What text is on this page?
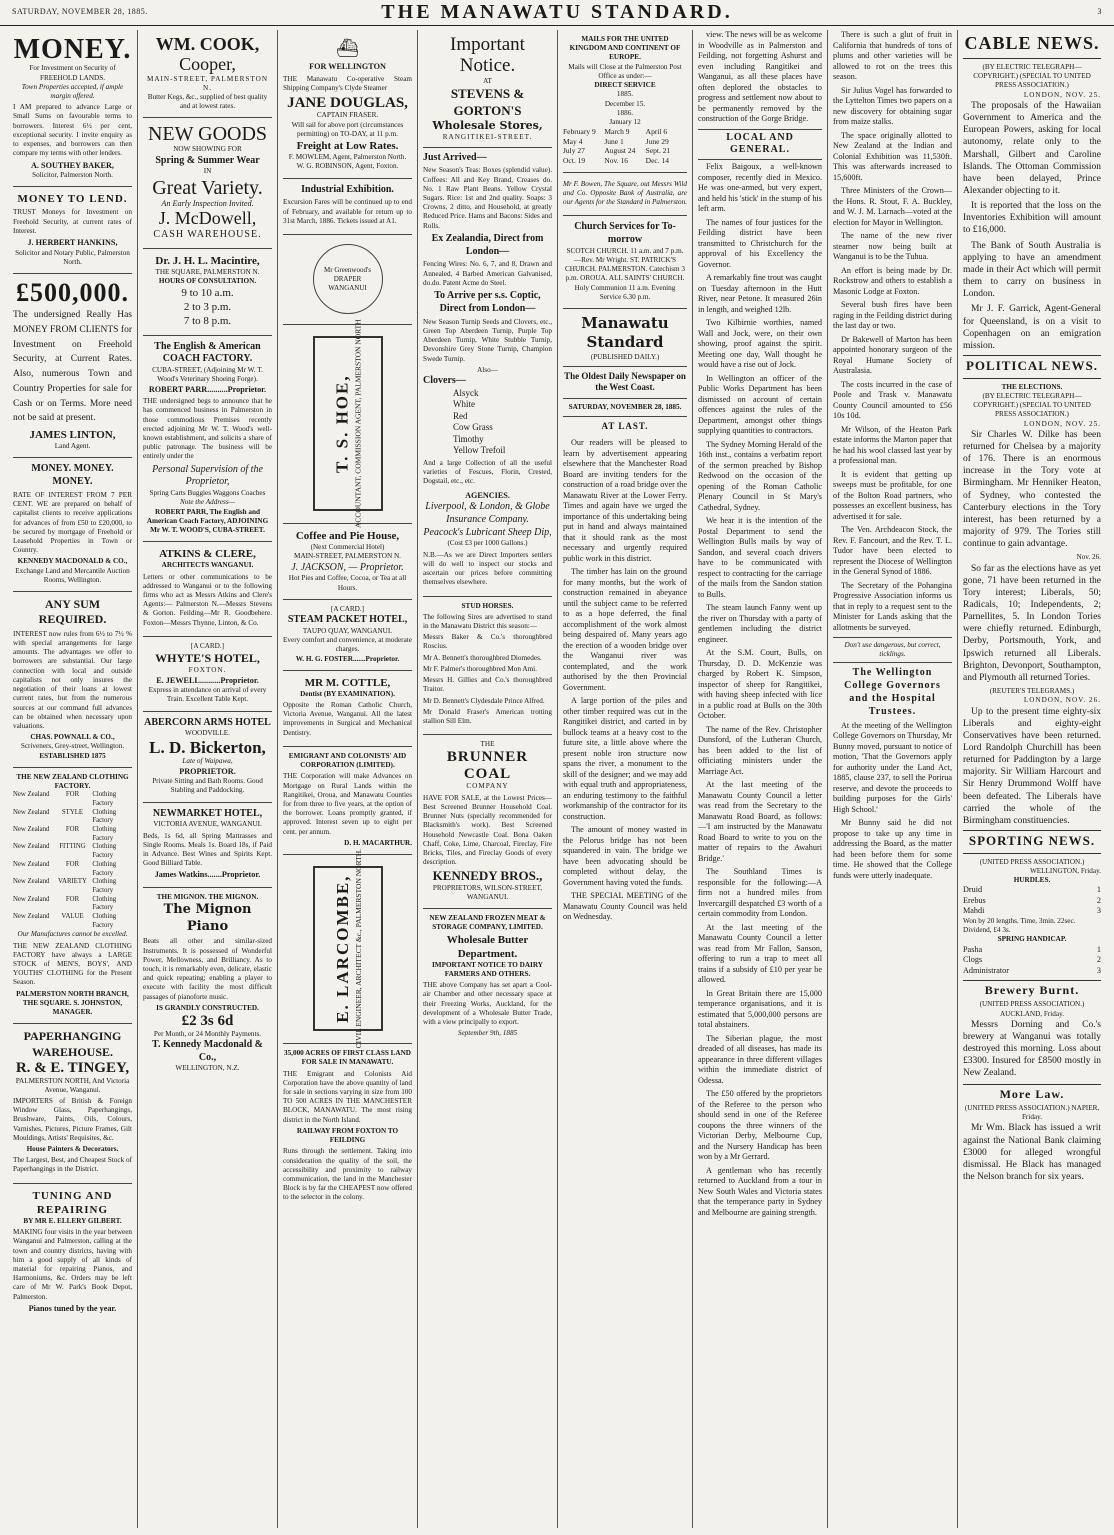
SATURDAY, NOVEMBER 28, 1885.	THE MANAWATU STANDARD.	3
MONEY.
For Investment on Security of FREEHOLD LANDS.
Town Properties accepted, if ample margin offered.
I AM prepared to advance Large or Small Sums on favourable terms to borrowers. Interest 6½ per cent, exceptional security. I invite enquiry as to expenses, and borrowers can then compare my terms with other lenders.
A. SOUTHEY BAKER,
Solicitor, Palmerston North.
MONEY TO LEND.
TRUST Moneys for Investment on Freehold Security, at current rates of Interest.
J. HERBERT HANKINS,
Solicitor and Notary Public, Palmerston North.
£500,000.
The undersigned Really Has MONEY FROM CLIENTS for Investment on Freehold Security, at Current Rates. Also, numerous Town and Country Properties for sale for Cash or on Terms. More need not be said at present.
JAMES LINTON,
Land Agent.
MONEY. MONEY. MONEY.
RATE OF INTEREST FROM 7 PER CENT. WE are prepared on behalf of capitalist clients to receive applications for advances of from £50 to £20,000, to be secured by mortgage of Freehold or Leasehold Properties in Town or Country.
KENNEDY MACDONALD & CO.,
Exchange Land and Mercantile Auction Rooms, Wellington.
ANY SUM REQUIRED.
INTEREST now rules from 6½ to 7½ % with special arrangements for large amounts. The advantages we offer to borrowers are substantial. Our large connection with local and outside capitalists not only insures the negotiation of their loans at lowest current rates, but from the numerous sources at our command full advances can be obtained when necessary upon valuations.
CHAS. POWNALL & CO.,
Scriveners, Grey-street, Wellington.
ESTABLISHED 1875
THE NEW ZEALAND CLOTHING FACTORY.
New Zealand	FOR	Clothing Factory
New Zealand	STYLE	Clothing Factory
New Zealand	FOR	Clothing Factory
New Zealand	FITTING Clothing Factory
New Zealand	FOR	Clothing Factory
New Zealand	VARIETY Clothing Factory
New Zealand	FOR	Clothing Factory
New Zealand	VALUE	Clothing Factory
Our Manufactures cannot be excelled.
THE NEW ZEALAND CLOTHING FACTORY have always a LARGE STOCK of MEN'S, BOYS', AND YOUTHS' CLOTHING for the Present Season.
PALMERSTON NORTH BRANCH, THE SQUARE. S. JOHNSTON, MANAGER.
PAPERHANGING WAREHOUSE.
R. & E. TINGEY,
PALMERSTON NORTH, And Victoria Avenue, Wanganui.
IMPORTERS of British & Foreign Window Glass, Paperhangings, Brushware, Paints, Oils, Colours, Varnishes, Pictures, Picture Frames, Gilt Mouldings, Artists' Requisites, &c.
House Painters & Decorators.
The Largest, Best, and Cheapest Stock of Paperhangings in the District.
TUNING AND REPAIRING
BY MR E. ELLERY GILBERT.
MAKING four visits in the year between Wanganui and Palmerston, calling at the town and country districts, having with him a good supply of all kinds of material for repairing Pianos, and Harmoniums, &c. Orders may be left care of Mr W. Park's Book Depot, Palmerston.
Pianos tuned by the year.
WM. COOK,
Cooper,
MAIN-STREET, PALMERSTON N.
Butter Kegs, &c., supplied of best quality and at lowest rates.
NEW GOODS
NOW SHOWING FOR
Spring & Summer Wear
IN
Great Variety.
An Early Inspection Invited.
J. McDowell,
CASH WAREHOUSE.
Dr. J. H. L. Macintire,
THE SQUARE, PALMERSTON N.
HOURS OF CONSULTATION.
9 to 10 a.m.
2 to 3 p.m.
7 to 8 p.m.
The English & American COACH FACTORY.
CUBA-STREET, (Adjoining Mr W. T. Wood's Veterinary Shoeing Forge).
ROBERT PARR..........Proprietor.
THE undersigned begs to announce that he has commenced business in Palmerston in those commodious Premises recently erected adjoining Mr W. T. Wood's well-known establishment, and solicits a share of public patronage. The business will be entirely under the
Personal Supervision of the Proprietor,
Spring Carts Buggies Waggons Coaches
Note the Address—
ROBERT PARR, The English and American Coach Factory, ADJOINING Mr W. T. WOOD'S, CUBA-STREET.
ATKINS & CLERE,
ARCHITECTS WANGANUI.
Letters or other communications to be addressed to Wanganui or to the following firms who act as Messrs Atkins and Clere's Agents:— Palmerston N.—Messrs Stevens & Gorton. Feilding—Mr R. Goodbehere. Foxton—Messrs Thynne, Linton, & Co.
[A CARD.]
WHYTE'S HOTEL,
FOXTON.
E. JEWELL..........Proprietor.
Express in attendance on arrival of every Train. Excellent Table Kept.
ABERCORN ARMS HOTEL
WOODVILLE.
L. D. Bickerton,
Late of Waipawa,
PROPRIETOR.
Private Sitting and Bath Rooms. Good Stabling and Paddocking.
NEWMARKET HOTEL,
VICTORIA AVENUE, WANGANUI.
Beds, 1s 6d, all Spring Mattrasses and Single Rooms. Meals 1s. Board 18s, if Paid in Advance. Best Wines and Spirits Kept. Good Billiard Table.
James Watkins.......Proprietor.
THE MIGNON. THE MIGNON.
The Mignon Piano
Beats all other and similar-sized Instruments. It is possessed of Wonderful Power, Mellowness, and Brilliancy. As to touch, it is remarkably even, delicate, elastic and quick repeating; enabling a player to execute with facility the most difficult passages of pianoforte music.
IS GRANDLY CONSTRUCTED.
£2 3s 6d
Per Month, or 24 Monthly Payments.
T. Kennedy Macdonald & Co.,
WELLINGTON, N.Z.
⛴
FOR WELLINGTON
THE Manawatu Co-operative Steam Shipping Company's Clyde Steamer
JANE DOUGLAS,
CAPTAIN FRASER.
Will sail for above port (circumstances permitting) on TO-DAY, at 11 p.m.
Freight at Low Rates.
F. MOWLEM, Agent, Palmerston North.
W. G. ROBINSON, Agent, Foxton.
Industrial Exhibition.
Excursion Fares will be continued up to end of February, and available for return up to 31st March, 1886. Tickets issued at A1.
Mr Greenwood's DRAPER WANGANUI
T. S. HOE, ACCOUNTANT, COMMISSION AGENT, PALMERSTON NORTH
Coffee and Pie House,
(Next Commercial Hotel)
MAIN-STREET, PALMERSTON N.
J. JACKSON, — Proprietor.
Hot Pies and Coffee, Cocoa, or Tea at all Hours.
[A CARD.]
STEAM PACKET HOTEL,
TAUPO QUAY, WANGANUI.
Every comfort and convenience, at moderate charges.
W. H. G. FOSTER.......Proprietor.
MR M. COTTLE,
Dentist (BY EXAMINATION).
Opposite the Roman Catholic Church, Victoria Avenue, Wanganui. All the latest improvements in Surgical and Mechanical Dentistry.
EMIGRANT AND COLONISTS' AID CORPORATION (LIMITED).
THE Corporation will make Advances on Mortgage on Rural Lands within the Rangitikei, Oroua, and Manawatu Counties for from three to five years, at the option of the borrower. Loans promptly granted, if approved. Interest seven up to eight per cent. per annum.
D. H. MACARTHUR.
E. LARCOMBE, CIVIL ENGINEER, ARCHITECT &c., PALMERSTON NORTH.
35,000 ACRES OF FIRST CLASS LAND FOR SALE IN MANAWATU.
THE Emigrant and Colonists Aid Corporation have the above quantity of land for sale in sections varying in size from 100 TO 500 ACRES IN THE MANCHESTER BLOCK, MANAWATU. The most rising district in the North Island.
RAILWAY FROM FOXTON TO FEILDING
Runs through the settlement. Taking into consideration the quality of the soil, the accessibility and proximity to railway communication, the land in the Manchester Block is by far the CHEAPEST now offered to the selector in the colony.
Important Notice.
AT
STEVENS & GORTON'S
Wholesale Stores,
RANGITIKEI-STREET.
Just Arrived—
New Season's Teas: Boxes (splendid value). Coffees: All and Key Brand, Creases do. No. 1 Raw Plant Beans. Yellow Crystal Sugars. Rice: 1st and 2nd quality. Soaps: 3 Crowns, 2 ditto, and Household, at greatly Reduced Price. Hams and Bacons: Sides and Rolls.
Ex Zealandia, Direct from London—
Fencing Wires: No. 6, 7, and 8, Drawn and Annealed, 4 Barbed American Galvanised, do.do. Patent Acme do Steel.
To Arrive per s.s. Coptic, Direct from London—
New Season Turnip Seeds and Clovers, etc., Green Top Aberdeen Turnip, Purple Top Aberdeen Turnip, White Stubble Turnip, Devonshire Grey Stone Turnip, Champion Swede Turnip.
Also—
Clovers—
Alsyck
White
Red
Cow Grass
Timothy
Yellow Trefoil
And a large Collection of all the useful varieties of Fescues, Florin, Crested, Dogstail, etc., etc.
AGENCIES.
Liverpool, & London, & Globe Insurance Company.
Peacock's Lubricant Sheep Dip,
(Cost £3 per 1000 Gallons.)
N.B.—As we are Direct Importers settlers will do well to inspect our stocks and ascertain our prices before committing themselves elsewhere.
STUD HORSES.
The following Sires are advertised to stand in the Manawatu District this season:—
Messrs Baker & Co.'s thoroughbred Roscius.
Mr A. Bennett's thoroughbred Diomedes.
Mr F. Palmer's thoroughbred Mon Ami.
Messrs H. Gillies and Co.'s thoroughbred Traitor.
Mr D. Bennett's Clydesdale Prince Alfred.
Mr Donald Fraser's American trotting stallion Sill Elm.
THE
BRUNNER COAL
COMPANY
HAVE FOR SALE, at the Lowest Prices—Best Screened Brunner Household Coal. Brunner Nuts (specially recommended for Blacksmith's work). Best Screened Household Newcastle Coal. Bona Oaken Chaff, Coke, Lime, Charcoal, Fireclay, Fire Bricks, Tiles, and Fireclay Goods of every description.
KENNEDY BROS.,
PROPRIETORS, WILSON-STREET, WANGANUI.
NEW ZEALAND FROZEN MEAT & STORAGE COMPANY, LIMITED.
Wholesale Butter Department.
IMPORTANT NOTICE TO DAIRY FARMERS AND OTHERS.
THE above Company has set apart a Cool-air Chamber and other necessary space at their Freezing Works, Auckland, for the development of a Wholesale Butter Trade, with a view principally to export.
September 9th, 1885
MAILS FOR THE UNITED KINGDOM AND CONTINENT OF EUROPE.
Mails will Close at the Palmerston Post Office as under:—
DIRECT SERVICE
1885.
December 15.
1886.
January 12
February 9	March 9	April 6
May 4	June 1	June 29
July 27	August 24	Sept. 21
Oct. 19	Nov. 16	Dec. 14
Mr F. Bowen, The Square, out Messrs Wild and Co. Opposite Bank of Australia, are our Agents for the Standard in Palmerston.
Church Services for To-morrow
SCOTCH CHURCH. 11 a.m. and 7 p.m.—Rev. Mr Wright. ST. PATRICK'S CHURCH. PALMERSTON. Catechism 3 p.m. OROUA. ALL SAINTS' CHURCH. Holy Communion 11 a.m. Evening Service 6.30 p.m.
Manawatu Standard
(PUBLISHED DAILY.)
The Oldest Daily Newspaper on the West Coast.
SATURDAY, NOVEMBER 28, 1885.
AT LAST.

Our readers will be pleased to learn by advertisement appearing elsewhere that the Manchester Road Board are inviting tenders for the construction of a road bridge over the Manawatu River at the Lower Ferry. Times and again have we urged the importance of this undertaking being put in hand and always maintained that it should rank as the most necessary and urgently required public work in this district.

The timber has lain on the ground for many months, but the work of construction remained in abeyance until the subject came to be referred to as a hope deferred, the final accomplishment of the work almost being despaired of. Many years ago the erection of a wooden bridge over the Wanganui river was contemplated, and the work authorised by the then Provincial Government.

A large portion of the piles and other timber required was cut in the Rangitikei district, and carted in by bullock teams at a heavy cost to the future site, a little above where the present noble iron structure now spans the river, a monument to the skill of the designer; and we may add with equal truth and appropriateness, an enduring testimony to the faithful workmanship of the contractor for its construction.

The amount of money wasted in the Pelorus bridge has not been squandered in vain. The bridge we have been advocating should be completed without delay, the Government having voted the funds.

THE SPECIAL MEETING of the Manawatu County Council was held on Wednesday.

view. The news will be as welcome in Woodville as in Palmerston and Feilding, not forgetting Ashurst and even including Rangitikei and Wanganui, as all these places have often deplored the obstacles to progress and settlement now about to be permanently removed by the construction of the Gorge Bridge.

LOCAL AND GENERAL.

Felix Baigoux, a well-known composer, recently died in Mexico. He was one-armed, but very expert, and held his 'stick' in the stump of his left arm.

The names of four justices for the Feilding district have been transmitted to Christchurch for the approval of his Excellency the Governor.

A remarkably fine trout was caught on Tuesday afternoon in the Hutt River, near Petone. It measured 26in in length, and weighed 12lb.

Two Kilbirnie worthies, named Wall and Jock, were, on their own showing, proof against the spirit. Meeting one day, Wall thought he would have a rise out of Jock.

In Wellington an officer of the Public Works Department has been dismissed on account of certain offences against the rules of the Department, amongst other things supplying quantities to contractors.

The Sydney Morning Herald of the 16th inst., contains a verbatim report of the sermon preached by Bishop Redwood on the occasion of the opening of the Roman Catholic Plenary Council in St Mary's Cathedral, Sydney.

We hear it is the intention of the Postal Department to send the Wellington Bulls mails by way of Sandon, and several coach drivers have to be communicated with respect to contracting for the carriage of the mails from the Sandon station to Bulls.

The steam launch Fanny went up the river on Thursday with a party of gentlemen including the district engineer.

At the S.M. Court, Bulls, on Thursday, D. D. McKenzie was charged by Robert K. Simpson, inspector of sheep for Rangitikei, with having sheep infected with lice in a public road at Bulls on the 30th October.

The name of the Rev. Christopher Dunsford, of the Lutheran Church, has been added to the list of officiating ministers under the Marriage Act.

At the last meeting of the Manawatu County Council a letter was read from the Secretary to the Manawatu Road Board, as follows:—'I am instructed by the Manawatu Road Board to write to you on the matter of repairs to the Awahuri Bridge.'

The Southland Times is responsible for the following:—A firm not a hundred miles from Invercargill despatched £3 worth of a certain commodity from London.

At the last meeting of the Manawatu County Council a letter was read from Mr Fallon, Sanson, offering to run a trap to meet all trains if a subsidy of £10 per year be allowed.

In Great Britain there are 15,000 temperance organisations, and it is estimated that 5,000,000 persons are total abstainers.

The Siberian plague, the most dreaded of all diseases, has made its appearance in three different villages within the immediate district of Odessa.

The £50 offered by the proprietors of the Referee to the person who should send in one of the Referee coupons the three winners of the Victorian Derby, Melbourne Cup, and the Nursery Handicap has been won by a Mr Gerrard.

A gentleman who has recently returned to Auckland from a tour in New South Wales and Victoria states that the temperance party in Sydney and Melbourne are gaining strength.

There is such a glut of fruit in California that hundreds of tons of plums and other varieties will be allowed to rot on the trees this season.

Sir Julius Vogel has forwarded to the Lyttelton Times two papers on a new discovery for obtaining sugar from maize stalks.

The space originally allotted to New Zealand at the Indian and Colonial Exhibition was 11,530ft. This was afterwards increased to 15,600ft.

Three Ministers of the Crown—the Hons. R. Stout, F. A. Buckley, and W. J. M. Larnach—voted at the election for Mayor in Wellington.

The name of the new river steamer now being built at Wanganui is to be the Tuhua.

An effort is being made by Dr. Rockstrow and others to establish a Masonic Lodge at Foxton.

Several bush fires have been raging in the Feilding district during the last day or two.

Dr Bakewell of Marton has been appointed honorary surgeon of the Royal Humane Society of Australasia.

The costs incurred in the case of Poole and Trask v. Manawatu County Council amounted to £56 10s 10d.

Mr Wilson, of the Heaton Park estate informs the Marton paper that he had his wool classed last year by a professional man.

It is evident that getting up sweeps must be profitable, for one of the Bolton Road partners, who possesses an excellent business, has advertised it for sale.

The Ven. Archdeacon Stock, the Rev. F. Fancourt, and the Rev. T. L. Tudor have been elected to represent the Diocese of Wellington in the General Synod of 1886.

The Secretary of the Pohangina Progressive Association informs us that in reply to a request sent to the Minister for Lands asking that the allotments be surveyed.

Don't use dangerous, but correct, ticklings.
The Wellington College Governors and the Hospital Trustees.

At the meeting of the Wellington College Governors on Thursday, Mr Bunny moved, pursuant to notice of motion, 'That the Governors apply for authority under the Land Act, 1885, clause 237, to sell the Porirua reserve, and devote the proceeds to building purposes for the Girls' High School.'

Mr Bunny said he did not propose to take up any time in addressing the Board, as the matter had been before them for some time. He showed that the College funds were utterly inadequate.

CABLE NEWS.
(BY ELECTRIC TELEGRAPH—COPYRIGHT.) (SPECIAL TO UNITED PRESS ASSOCIATION.)
LONDON, NOV. 25.

The proposals of the Hawaiian Government to America and the European Powers, asking for local autonomy, relate only to the Marshall, Gilbert and Caroline Islands. The Ottoman Commission have been delayed, Prince Alexander objecting to it.

It is reported that the loss on the Inventories Exhibition will amount to £16,000.

The Bank of South Australia is applying to have an amendment made in their Act which will permit them to carry on business in London.

Mr J. F. Garrick, Agent-General for Queensland, is on a visit to Copenhagen on an emigration mission.

POLITICAL NEWS.
THE ELECTIONS.
(BY ELECTRIC TELEGRAPH—COPYRIGHT.) (SPECIAL TO UNITED PRESS ASSOCIATION.)
LONDON, NOV. 25.

Sir Charles W. Dilke has been returned for Chelsea by a majority of 176. There is an enormous increase in the Tory vote at Birmingham. Mr Henniker Heaton, of Sydney, who contested the Canterbury elections in the Tory interest, has been returned by a majority of 979. The Tories still continue to gain advantage.

Nov. 26.

So far as the elections have as yet gone, 71 have been returned in the Tory interest; Liberals, 50; Radicals, 10; Independents, 2; Parnellites, 5. In London Tories were chiefly returned. Edinburgh, Derby, Portsmouth, York, and Ipswich returned all Liberals. Brighton, Devonport, Southampton, and Plymouth all returned Tories.

(REUTER'S TELEGRAMS.)
LONDON, NOV. 26.

Up to the present time eighty-six Liberals and eighty-eight Conservatives have been returned. Lord Randolph Churchill has been returned for Paddington by a large majority. Sir William Harcourt and Sir Henry Drummond Wolff have been defeated. The Liberals have carried the whole of the Birmingham constituencies.

SPORTING NEWS.
(UNITED PRESS ASSOCIATION.)
WELLINGTON, Friday.
HURDLES.
Druid	1
Erebus	2
Mahdi	3
Won by 20 lengths. Time, 3min. 22sec. Dividend, £4 3s.
SPRING HANDICAP.
Pasha	1
Clogs	2
Administrator	3
Brewery Burnt.
(UNITED PRESS ASSOCIATION.) AUCKLAND, Friday.

Messrs Dorning and Co.'s brewery at Wanganui was totally destroyed this morning. Loss about £3300. Insured for £8500 mostly in New Zealand.

More Law.
(UNITED PRESS ASSOCIATION.) NAPIER, Friday.

Mr Wm. Black has issued a writ against the National Bank claiming £3000 for alleged wrongful dismissal. He Black has managed the Nelson branch for six years.
